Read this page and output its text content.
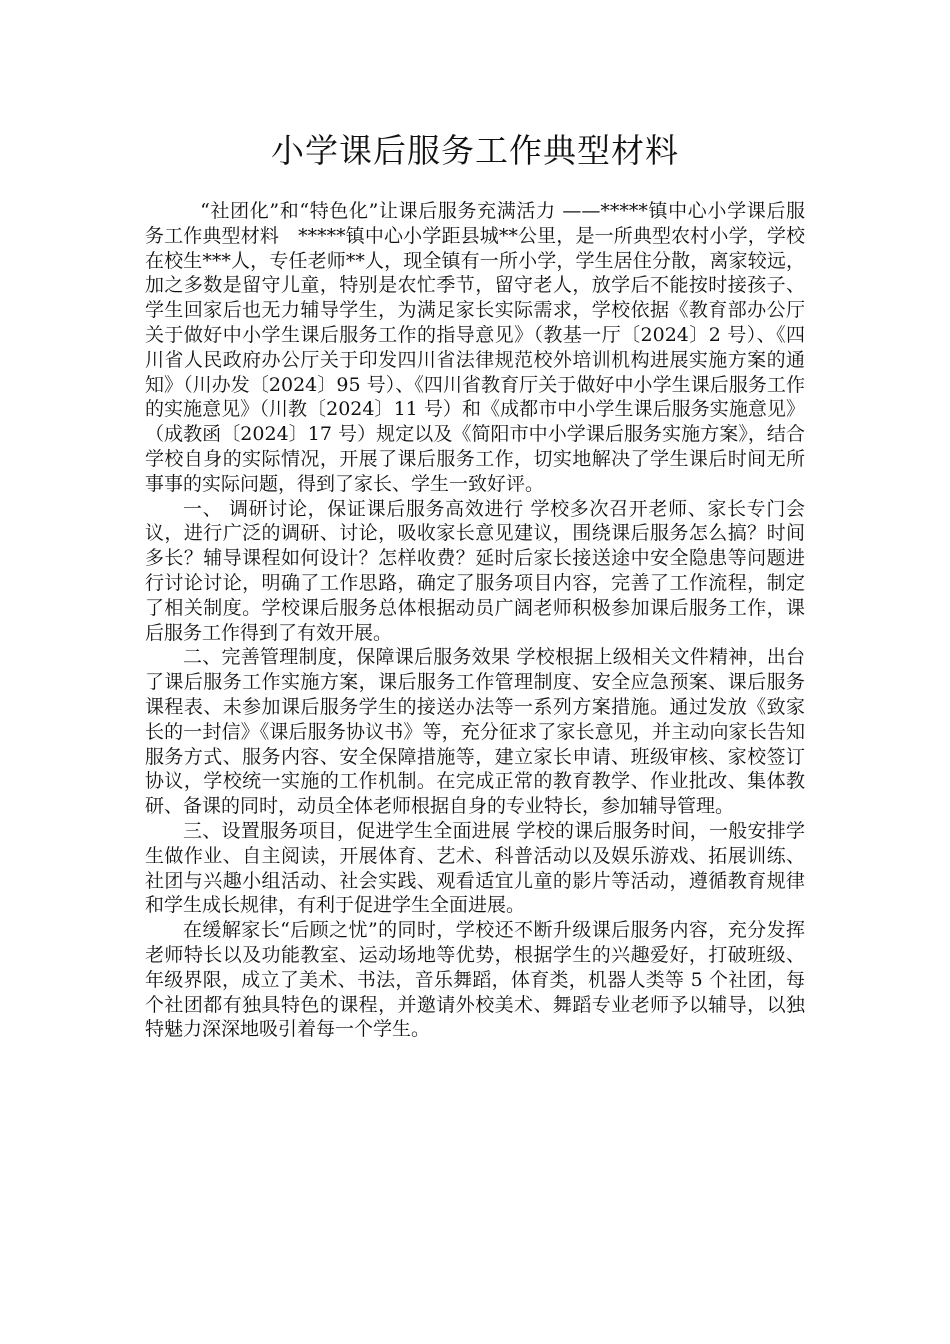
小学课后服务工作典型材料

“社团化”和“特色化”让课后服务充满活力 ——*****镇中心小学课后服务工作典型材料　*****镇中心小学距县城**公里，是一所典型农村小学，学校在校生***人，专任老师**人，现全镇有一所小学，学生居住分散，离家较远，加之多数是留守儿童，特别是农忙季节，留守老人，放学后不能按时接孩子、学生回家后也无力辅导学生，为满足家长实际需求，学校依据《教育部办公厅关于做好中小学生课后服务工作的指导意见》（教基一厅〔2024〕2 号）、《四川省人民政府办公厅关于印发四川省法律规范校外培训机构进展实施方案的通知》（川办发〔2024〕95 号）、《四川省教育厅关于做好中小学生课后服务工作的实施意见》（川教〔2024〕11 号）和《成都市中小学生课后服务实施意见》（成教函〔2024〕17 号）规定以及《简阳市中小学课后服务实施方案》，结合学校自身的实际情况，开展了课后服务工作，切实地解决了学生课后时间无所事事的实际问题，得到了家长、学生一致好评。

一、 调研讨论，保证课后服务高效进行 学校多次召开老师、家长专门会议，进行广泛的调研、讨论，吸收家长意见建议，围绕课后服务怎么搞？时间多长？辅导课程如何设计？怎样收费？延时后家长接送途中安全隐患等问题进行讨论讨论，明确了工作思路，确定了服务项目内容，完善了工作流程，制定了相关制度。学校课后服务总体根据动员广阔老师积极参加课后服务工作，课后服务工作得到了有效开展。

二、完善管理制度，保障课后服务效果 学校根据上级相关文件精神，出台了课后服务工作实施方案，课后服务工作管理制度、安全应急预案、课后服务课程表、未参加课后服务学生的接送办法等一系列方案措施。通过发放《致家长的一封信》《课后服务协议书》等，充分征求了家长意见，并主动向家长告知服务方式、服务内容、安全保障措施等，建立家长申请、班级审核、家校签订协议，学校统一实施的工作机制。在完成正常的教育教学、作业批改、集体教研、备课的同时，动员全体老师根据自身的专业特长，参加辅导管理。

三、设置服务项目，促进学生全面进展 学校的课后服务时间，一般安排学生做作业、自主阅读，开展体育、艺术、科普活动以及娱乐游戏、拓展训练、社团与兴趣小组活动、社会实践、观看适宜儿童的影片等活动，遵循教育规律和学生成长规律，有利于促进学生全面进展。

在缓解家长“后顾之忧”的同时，学校还不断升级课后服务内容，充分发挥老师特长以及功能教室、运动场地等优势，根据学生的兴趣爱好，打破班级、年级界限，成立了美术、书法，音乐舞蹈，体育类，机器人类等 5 个社团，每个社团都有独具特色的课程，并邀请外校美术、舞蹈专业老师予以辅导，以独特魅力深深地吸引着每一个学生。
